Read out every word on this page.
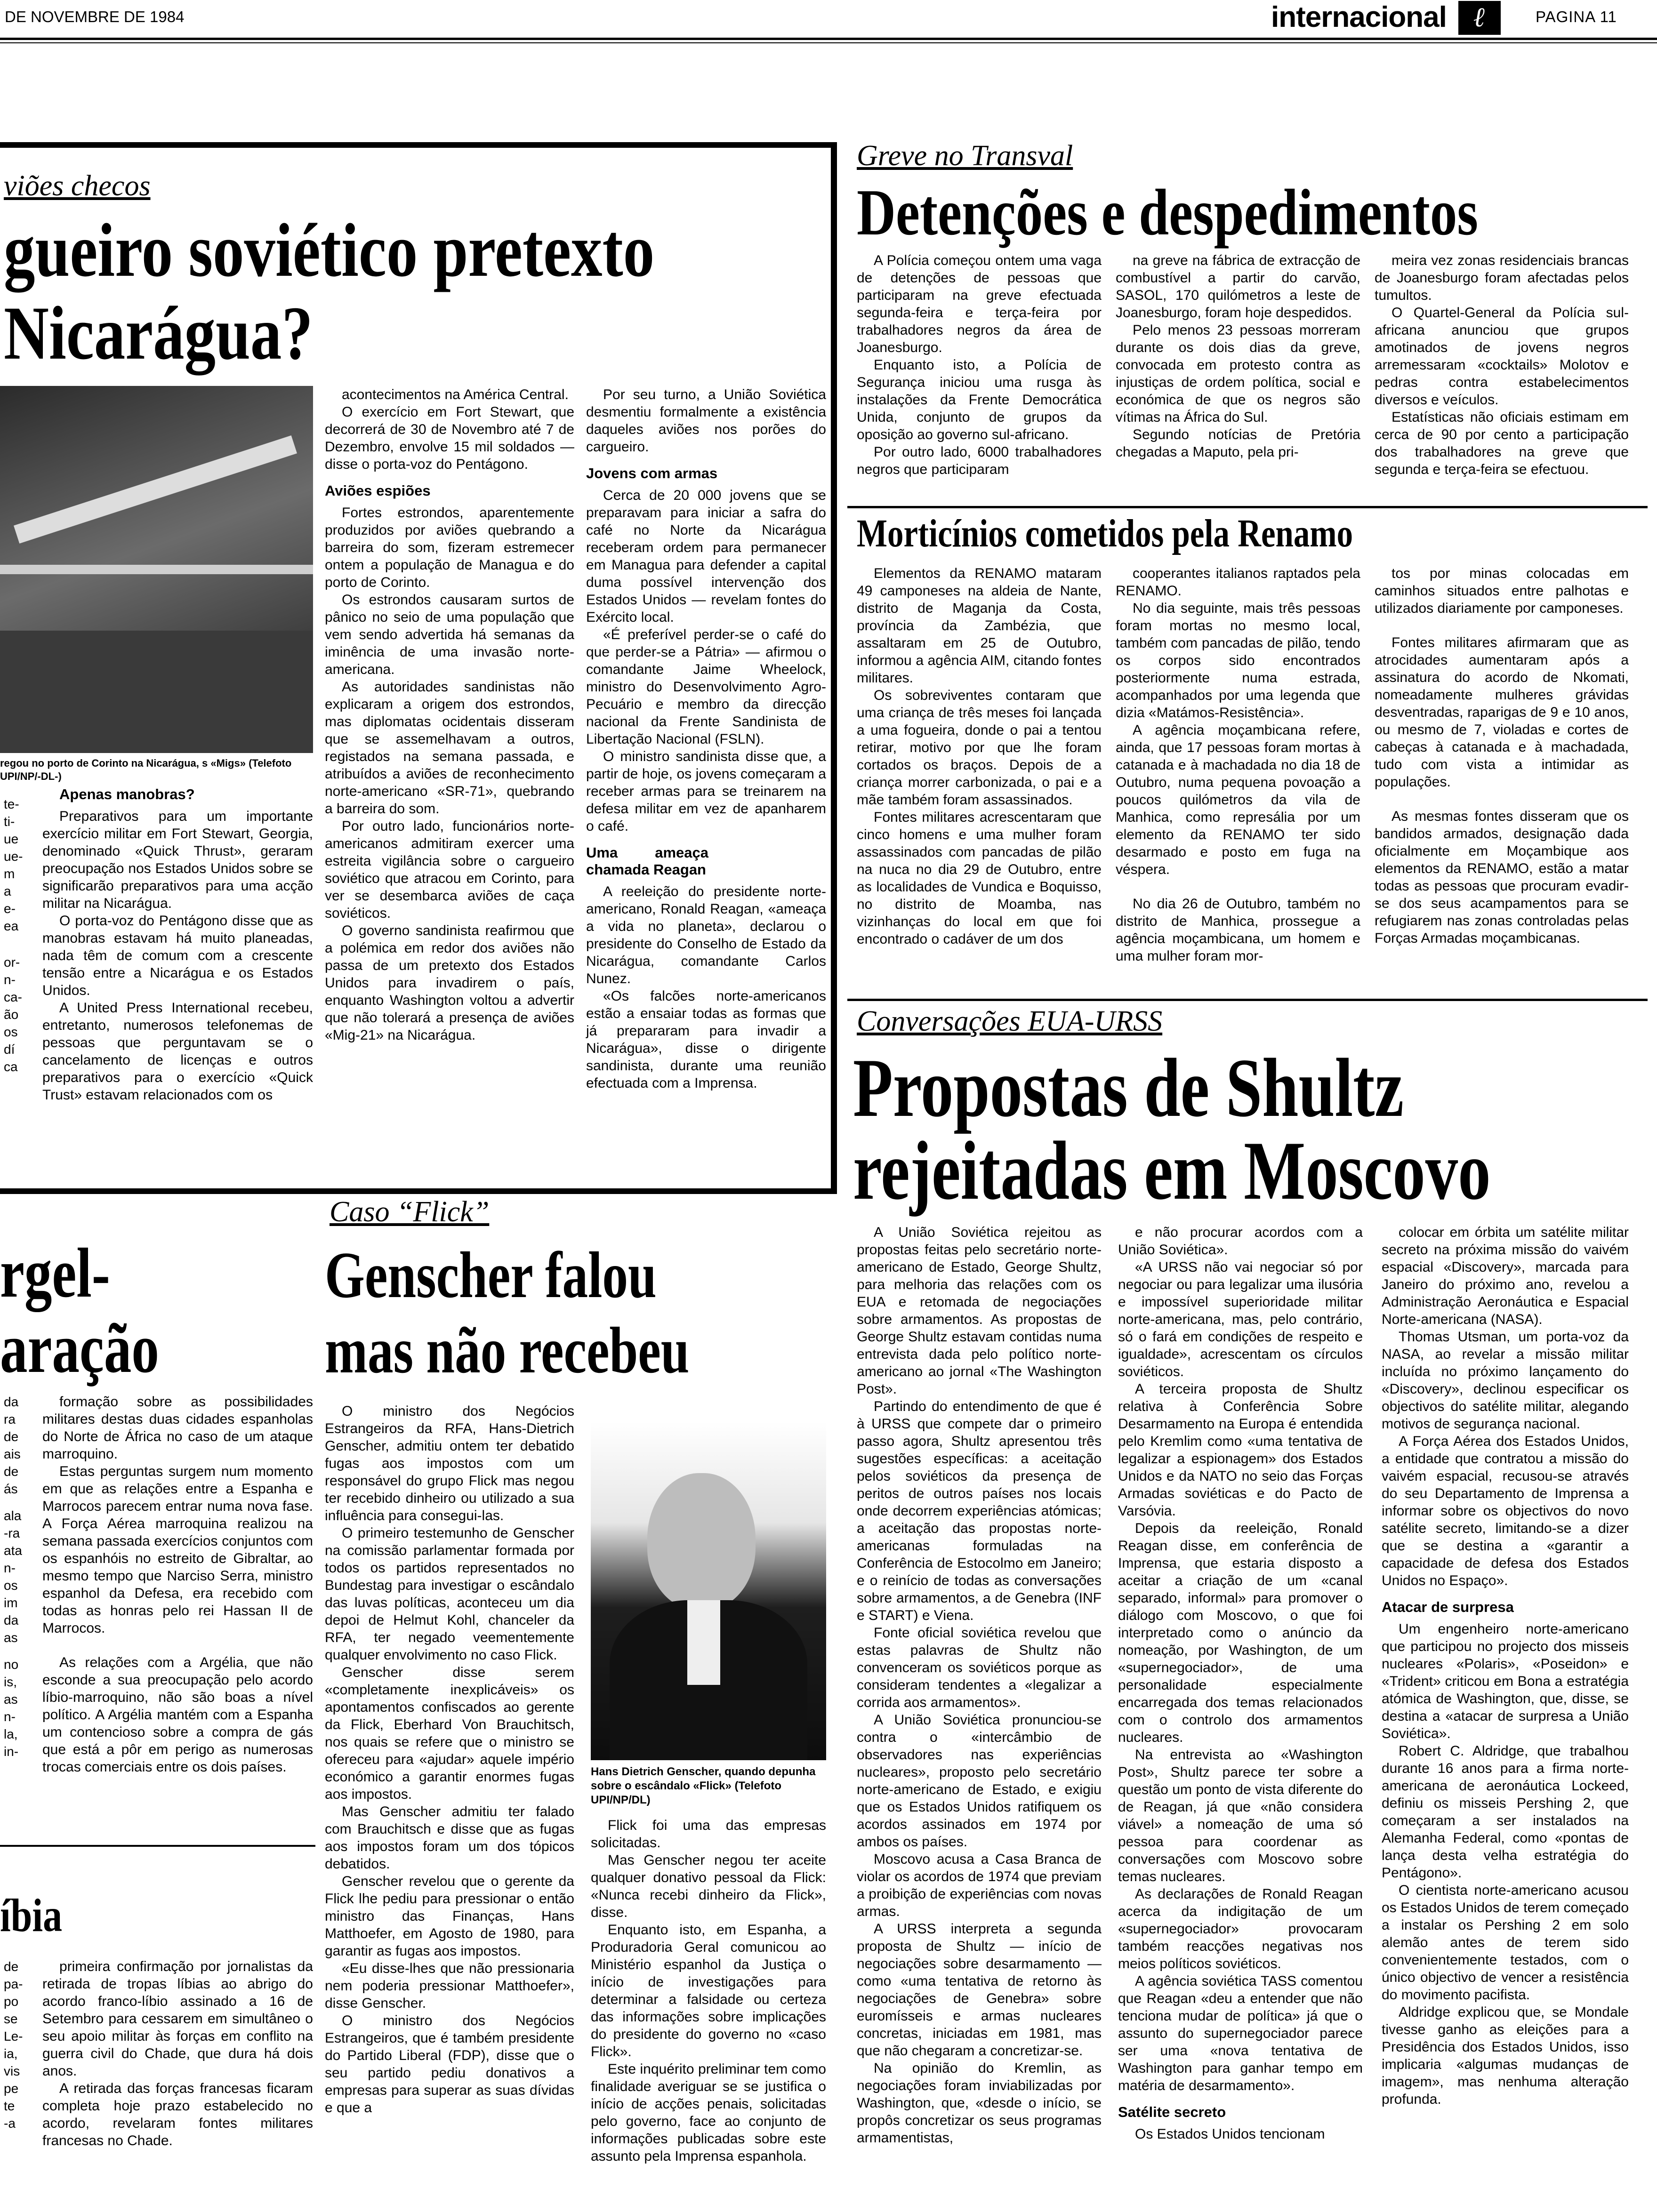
DE NOVEMBRE DE 1984	internacional ℓ	PAGINA 11
viões checos
gueiro soviético pretexto
Nicarágua?
regou no porto de Corinto na Nicarágua, s «Migs» (Telefoto UPI/NP/-DL-)
te-
ti-
ue
ue-
m
a
e-
ea
or-
n-
ca-
ão
os
dí
ca
Apenas manobras?

Preparativos para um importante exercício militar em Fort Stewart, Georgia, denominado «Quick Thrust», geraram preocupação nos Estados Unidos sobre se significarão preparativos para uma acção militar na Nicarágua.

O porta-voz do Pentágono disse que as manobras estavam há muito planeadas, nada têm de comum com a crescente tensão entre a Nicarágua e os Estados Unidos.

A United Press International recebeu, entretanto, numerosos telefonemas de pessoas que perguntavam se o cancelamento de licenças e outros preparativos para o exercício «Quick Trust» estavam relacionados com os

acontecimentos na América Central.

O exercício em Fort Stewart, que decorrerá de 30 de Novembro até 7 de Dezembro, envolve 15 mil soldados — disse o porta-voz do Pentágono.

Aviões espiões

Fortes estrondos, aparentemente produzidos por aviões quebrando a barreira do som, fizeram estremecer ontem a população de Managua e do porto de Corinto.

Os estrondos causaram surtos de pânico no seio de uma população que vem sendo advertida há semanas da iminência de uma invasão norte-americana.

As autoridades sandinistas não explicaram a origem dos estrondos, mas diplomatas ocidentais disseram que se assemelhavam a outros, registados na semana passada, e atribuídos a aviões de reconhecimento norte-americano «SR-71», quebrando a barreira do som.

Por outro lado, funcionários norte-americanos admitiram exercer uma estreita vigilância sobre o cargueiro soviético que atracou em Corinto, para ver se desembarca aviões de caça soviéticos.

O governo sandinista reafirmou que a polémica em redor dos aviões não passa de um pretexto dos Estados Unidos para invadirem o país, enquanto Washington voltou a advertir que não tolerará a presença de aviões «Mig-21» na Nicarágua.

Por seu turno, a União Soviética desmentiu formalmente a existência daqueles aviões nos porões do cargueiro.

Jovens com armas

Cerca de 20 000 jovens que se preparavam para iniciar a safra do café no Norte da Nicarágua receberam ordem para permanecer em Managua para defender a capital duma possível intervenção dos Estados Unidos — revelam fontes do Exército local.

«É preferível perder-se o café do que perder-se a Pátria» — afirmou o comandante Jaime Wheelock, ministro do Desenvolvimento Agro-Pecuário e membro da direcção nacional da Frente Sandinista de Libertação Nacional (FSLN).

O ministro sandinista disse que, a partir de hoje, os jovens começaram a receber armas para se treinarem na defesa militar em vez de apanharem o café.

Uma ameaça chamada Reagan

A reeleição do presidente norte-americano, Ronald Reagan, «ameaça a vida no planeta», declarou o presidente do Conselho de Estado da Nicarágua, comandante Carlos Nunez.

«Os falcões norte-americanos estão a ensaiar todas as formas que já prepararam para invadir a Nicarágua», disse o dirigente sandinista, durante uma reunião efectuada com a Imprensa.

Greve no Transval
Detenções e despedimentos

A Polícia começou ontem uma vaga de detenções de pessoas que participaram na greve efectuada segunda-feira e terça-feira por trabalhadores negros da área de Joanesburgo.

Enquanto isto, a Polícia de Segurança iniciou uma rusga às instalações da Frente Democrática Unida, conjunto de grupos da oposição ao governo sul-africano.

Por outro lado, 6000 trabalhadores negros que participaram

na greve na fábrica de extracção de combustível a partir do carvão, SASOL, 170 quilómetros a leste de Joanesburgo, foram hoje despedidos.

Pelo menos 23 pessoas morreram durante os dois dias da greve, convocada em protesto contra as injustiças de ordem política, social e económica de que os negros são vítimas na África do Sul.

Segundo notícias de Pretória chegadas a Maputo, pela pri-

meira vez zonas residenciais brancas de Joanesburgo foram afectadas pelos tumultos.

O Quartel-General da Polícia sul-africana anunciou que grupos amotinados de jovens negros arremessaram «cocktails» Molotov e pedras contra estabelecimentos diversos e veículos.

Estatísticas não oficiais estimam em cerca de 90 por cento a participação dos trabalhadores na greve que segunda e terça-feira se efectuou.

Morticínios cometidos pela Renamo

Elementos da RENAMO mataram 49 camponeses na aldeia de Nante, distrito de Maganja da Costa, província da Zambézia, que assaltaram em 25 de Outubro, informou a agência AIM, citando fontes militares.

Os sobreviventes contaram que uma criança de três meses foi lançada a uma fogueira, donde o pai a tentou retirar, motivo por que lhe foram cortados os braços. Depois de a criança morrer carbonizada, o pai e a mãe também foram assassinados.

Fontes militares acrescentaram que cinco homens e uma mulher foram assassinados com pancadas de pilão na nuca no dia 29 de Outubro, entre as localidades de Vundica e Boquisso, no distrito de Moamba, nas vizinhanças do local em que foi encontrado o cadáver de um dos

cooperantes italianos raptados pela RENAMO.

No dia seguinte, mais três pessoas foram mortas no mesmo local, também com pancadas de pilão, tendo os corpos sido encontrados posteriormente numa estrada, acompanhados por uma legenda que dizia «Matámos-Resistência».

A agência moçambicana refere, ainda, que 17 pessoas foram mortas à catanada e à machadada no dia 18 de Outubro, numa pequena povoação a poucos quilómetros da vila de Manhica, como represália por um elemento da RENAMO ter sido desarmado e posto em fuga na véspera.

No dia 26 de Outubro, também no distrito de Manhica, prossegue a agência moçambicana, um homem e uma mulher foram mor-

tos por minas colocadas em caminhos situados entre palhotas e utilizados diariamente por camponeses.

Fontes militares afirmaram que as atrocidades aumentaram após a assinatura do acordo de Nkomati, nomeadamente mulheres grávidas desventradas, raparigas de 9 e 10 anos, ou mesmo de 7, violadas e cortes de cabeças à catanada e à machadada, tudo com vista a intimidar as populações.

As mesmas fontes disseram que os bandidos armados, designação dada oficialmente em Moçambique aos elementos da RENAMO, estão a matar todas as pessoas que procuram evadir-se dos seus acampamentos para se refugiarem nas zonas controladas pelas Forças Armadas moçambicanas.

Conversações EUA-URSS
Propostas de Shultz
rejeitadas em Moscovo

A União Soviética rejeitou as propostas feitas pelo secretário norte-americano de Estado, George Shultz, para melhoria das relações com os EUA e retomada de negociações sobre armamentos. As propostas de George Shultz estavam contidas numa entrevista dada pelo político norte-americano ao jornal «The Washington Post».

Partindo do entendimento de que é à URSS que compete dar o primeiro passo agora, Shultz apresentou três sugestões específicas: a aceitação pelos soviéticos da presença de peritos de outros países nos locais onde decorrem experiências atómicas; a aceitação das propostas norte-americanas formuladas na Conferência de Estocolmo em Janeiro; e o reinício de todas as conversações sobre armamentos, a de Genebra (INF e START) e Viena.

Fonte oficial soviética revelou que estas palavras de Shultz não convenceram os soviéticos porque as consideram tendentes a «legalizar a corrida aos armamentos».

A União Soviética pronunciou-se contra o «intercâmbio de observadores nas experiências nucleares», proposto pelo secretário norte-americano de Estado, e exigiu que os Estados Unidos ratifiquem os acordos assinados em 1974 por ambos os países.

Moscovo acusa a Casa Branca de violar os acordos de 1974 que previam a proibição de experiências com novas armas.

A URSS interpreta a segunda proposta de Shultz — início de negociações sobre desarmamento — como «uma tentativa de retorno às negociações de Genebra» sobre euromísseis e armas nucleares concretas, iniciadas em 1981, mas que não chegaram a concretizar-se.

Na opinião do Kremlin, as negociações foram inviabilizadas por Washington, que, «desde o início, se propôs concretizar os seus programas armamentistas,

e não procurar acordos com a União Soviética».

«A URSS não vai negociar só por negociar ou para legalizar uma ilusória e impossível superioridade militar norte-americana, mas, pelo contrário, só o fará em condições de respeito e igualdade», acrescentam os círculos soviéticos.

A terceira proposta de Shultz relativa à Conferência Sobre Desarmamento na Europa é entendida pelo Kremlim como «uma tentativa de legalizar a espionagem» dos Estados Unidos e da NATO no seio das Forças Armadas soviéticas e do Pacto de Varsóvia.

Depois da reeleição, Ronald Reagan disse, em conferência de Imprensa, que estaria disposto a aceitar a criação de um «canal separado, informal» para promover o diálogo com Moscovo, o que foi interpretado como o anúncio da nomeação, por Washington, de um «supernegociador», de uma personalidade especialmente encarregada dos temas relacionados com o controlo dos armamentos nucleares.

Na entrevista ao «Washington Post», Shultz parece ter sobre a questão um ponto de vista diferente do de Reagan, já que «não considera viável» a nomeação de uma só pessoa para coordenar as conversações com Moscovo sobre temas nucleares.

As declarações de Ronald Reagan acerca da indigitação de um «supernegociador» provocaram também reacções negativas nos meios políticos soviéticos.

A agência soviética TASS comentou que Reagan «deu a entender que não tenciona mudar de política» já que o assunto do supernegociador parece ser uma «nova tentativa de Washington para ganhar tempo em matéria de desarmamento».

Satélite secreto

Os Estados Unidos tencionam

colocar em órbita um satélite militar secreto na próxima missão do vaivém espacial «Discovery», marcada para Janeiro do próximo ano, revelou a Administração Aeronáutica e Espacial Norte-americana (NASA).

Thomas Utsman, um porta-voz da NASA, ao revelar a missão militar incluída no próximo lançamento do «Discovery», declinou especificar os objectivos do satélite militar, alegando motivos de segurança nacional.

A Força Aérea dos Estados Unidos, a entidade que contratou a missão do vaivém espacial, recusou-se através do seu Departamento de Imprensa a informar sobre os objectivos do novo satélite secreto, limitando-se a dizer que se destina a «garantir a capacidade de defesa dos Estados Unidos no Espaço».

Atacar de surpresa

Um engenheiro norte-americano que participou no projecto dos misseis nucleares «Polaris», «Poseidon» e «Trident» criticou em Bona a estratégia atómica de Washington, que, disse, se destina a «atacar de surpresa a União Soviética».

Robert C. Aldridge, que trabalhou durante 16 anos para a firma norte-americana de aeronáutica Lockeed, definiu os misseis Pershing 2, que começaram a ser instalados na Alemanha Federal, como «pontas de lança desta velha estratégia do Pentágono».

O cientista norte-americano acusou os Estados Unidos de terem começado a instalar os Pershing 2 em solo alemão antes de terem sido convenientemente testados, com o único objectivo de vencer a resistência do movimento pacifista.

Aldridge explicou que, se Mondale tivesse ganho as eleições para a Presidência dos Estados Unidos, isso implicaria «algumas mudanças de imagem», mas nenhuma alteração profunda.

rgel-
aração
da
ra
de
ais
de
ás
ala
-ra
ata
n-
os
im
da
as
no
is,
as
n-
la,
in-

formação sobre as possibilidades militares destas duas cidades espanholas do Norte de África no caso de um ataque marroquino.

Estas perguntas surgem num momento em que as relações entre a Espanha e Marrocos parecem entrar numa nova fase. A Força Aérea marroquina realizou na semana passada exercícios conjuntos com os espanhóis no estreito de Gibraltar, ao mesmo tempo que Narciso Serra, ministro espanhol da Defesa, era recebido com todas as honras pelo rei Hassan II de Marrocos.

As relações com a Argélia, que não esconde a sua preocupação pelo acordo líbio-marroquino, não são boas a nível político. A Argélia mantém com a Espanha um contencioso sobre a compra de gás que está a pôr em perigo as numerosas trocas comerciais entre os dois países.

íbia
de
pa-
po
se
Le-
ia,
vis
pe
te
-a

primeira confirmação por jornalistas da retirada de tropas líbias ao abrigo do acordo franco-líbio assinado a 16 de Setembro para cessarem em simultâneo o seu apoio militar às forças em conflito na guerra civil do Chade, que dura há dois anos.

A retirada das forças francesas ficaram completa hoje prazo estabelecido no acordo, revelaram fontes militares francesas no Chade.

Caso “Flick”
Genscher falou
mas não recebeu

O ministro dos Negócios Estrangeiros da RFA, Hans-Dietrich Genscher, admitiu ontem ter debatido fugas aos impostos com um responsável do grupo Flick mas negou ter recebido dinheiro ou utilizado a sua influência para consegui-las.

O primeiro testemunho de Genscher na comissão parlamentar formada por todos os partidos representados no Bundestag para investigar o escândalo das luvas políticas, aconteceu um dia depoi de Helmut Kohl, chanceler da RFA, ter negado veementemente qualquer envolvimento no caso Flick.

Genscher disse serem «completamente inexplicáveis» os apontamentos confiscados ao gerente da Flick, Eberhard Von Brauchitsch, nos quais se refere que o ministro se ofereceu para «ajudar» aquele império económico a garantir enormes fugas aos impostos.

Mas Genscher admitiu ter falado com Brauchitsch e disse que as fugas aos impostos foram um dos tópicos debatidos.

Genscher revelou que o gerente da Flick lhe pediu para pressionar o então ministro das Finanças, Hans Matthoefer, em Agosto de 1980, para garantir as fugas aos impostos.

«Eu disse-lhes que não pressionaria nem poderia pressionar Matthoefer», disse Genscher.

O ministro dos Negócios Estrangeiros, que é também presidente do Partido Liberal (FDP), disse que o seu partido pediu donativos a empresas para superar as suas dívidas e que a

Hans Dietrich Genscher, quando depunha sobre o escândalo «Flick» (Telefoto UPI/NP/DL)

Flick foi uma das empresas solicitadas.

Mas Genscher negou ter aceite qualquer donativo pessoal da Flick: «Nunca recebi dinheiro da Flick», disse.

Enquanto isto, em Espanha, a Produradoria Geral comunicou ao Ministério espanhol da Justiça o início de investigações para determinar a falsidade ou certeza das informações sobre implicações do presidente do governo no «caso Flick».

Este inquérito preliminar tem como finalidade averiguar se se justifica o início de acções penais, solicitadas pelo governo, face ao conjunto de informações publicadas sobre este assunto pela Imprensa espanhola.
